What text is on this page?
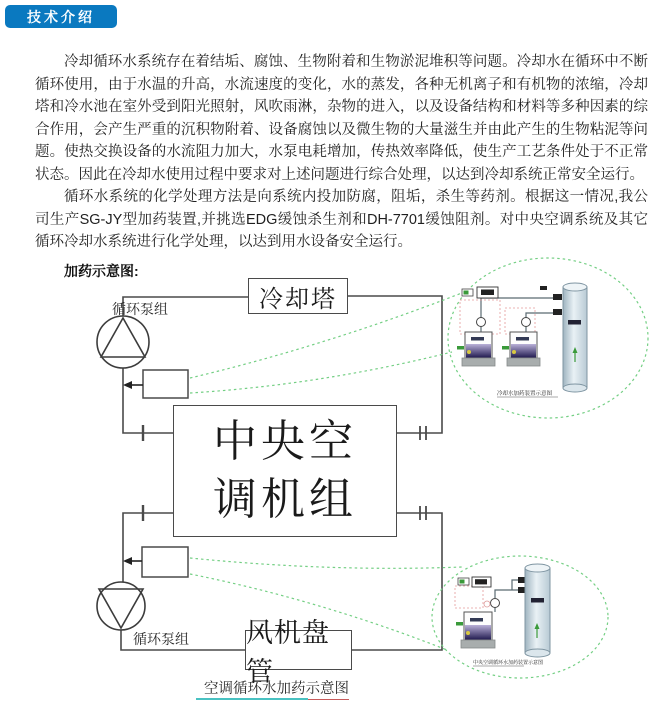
技术介绍

冷却循环水系统存在着结垢、腐蚀、生物附着和生物淤泥堆积等问题。冷却水在循环中不断循环使用，由于水温的升高，水流速度的变化，水的蒸发，各种无机离子和有机物的浓缩，冷却塔和冷水池在室外受到阳光照射，风吹雨淋，杂物的进入，以及设备结构和材料等多种因素的综合作用，会产生严重的沉积物附着、设备腐蚀以及微生物的大量滋生并由此产生的生物粘泥等问题。使热交换设备的水流阻力加大，水泵电耗增加，传热效率降低，使生产工艺条件处于不正常状态。因此在冷却水使用过程中要求对上述问题进行综合处理，以达到冷却系统正常安全运行。

循环水系统的化学处理方法是向系统内投加防腐，阻垢，杀生等药剂。根据这一情况,我公司生产SG-JY型加药装置,并挑选EDG缓蚀杀生剂和DH-7701缓蚀阻剂。对中央空调系统及其它循环冷却水系统进行化学处理，以达到用水设备安全运行。

加药示意图:
冷却水加药装置示意图
中央空调循环水加药装置示意图
冷却塔
中央空
调机组
风机盘管
循环泵组
循环泵组
空调循环水加药示意图
